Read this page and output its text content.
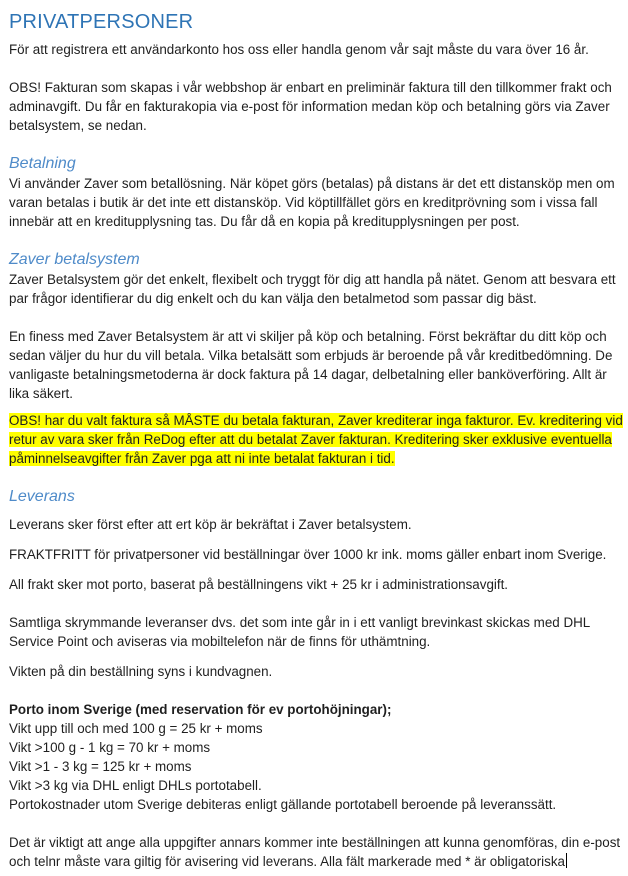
PRIVATPERSONER

För att registrera ett användarkonto hos oss eller handla genom vår sajt måste du vara över 16 år.

OBS! Fakturan som skapas i vår webbshop är enbart en preliminär faktura till den tillkommer frakt och adminavgift. Du får en fakturakopia via e-post för information medan köp och betalning görs via Zaver betalsystem, se nedan.

Betalning

Vi använder Zaver som betallösning. När köpet görs (betalas) på distans är det ett distansköp men om varan betalas i butik är det inte ett distansköp. Vid köptillfället görs en kreditprövning som i vissa fall innebär att en kreditupplysning tas. Du får då en kopia på kreditupplysningen per post.

Zaver betalsystem

Zaver Betalsystem gör det enkelt, flexibelt och tryggt för dig att handla på nätet. Genom att besvara ett par frågor identifierar du dig enkelt och du kan välja den betalmetod som passar dig bäst.

En finess med Zaver Betalsystem är att vi skiljer på köp och betalning. Först bekräftar du ditt köp och sedan väljer du hur du vill betala. Vilka betalsätt som erbjuds är beroende på vår kreditbedömning. De vanligaste betalningsmetoderna är dock faktura på 14 dagar, delbetalning eller banköverföring. Allt är lika säkert.

OBS! har du valt faktura så MÅSTE du betala fakturan, Zaver krediterar inga fakturor. Ev. kreditering vid retur av vara sker från ReDog efter att du betalat Zaver fakturan. Kreditering sker exklusive eventuella påminnelseavgifter från Zaver pga att ni inte betalat fakturan i tid.

Leverans

Leverans sker först efter att ert köp är bekräftat i Zaver betalsystem.

FRAKTFRITT för privatpersoner vid beställningar över 1000 kr ink. moms gäller enbart inom Sverige.

All frakt sker mot porto, baserat på beställningens vikt + 25 kr i administrationsavgift.

Samtliga skrymmande leveranser dvs. det som inte går in i ett vanligt brevinkast skickas med DHL Service Point och aviseras via mobiltelefon när de finns för uthämtning.

Vikten på din beställning syns i kundvagnen.

Porto inom Sverige (med reservation för ev portohöjningar);

Vikt upp till och med 100 g = 25 kr + moms

Vikt >100 g - 1 kg = 70 kr + moms

Vikt >1 - 3 kg = 125 kr + moms

Vikt >3 kg via DHL enligt DHLs portotabell.

Portokostnader utom Sverige debiteras enligt gällande portotabell beroende på leveranssätt.

Det är viktigt att ange alla uppgifter annars kommer inte beställningen att kunna genomföras, din e-post och telnr måste vara giltig för avisering vid leverans. Alla fält markerade med * är obligatoriska
